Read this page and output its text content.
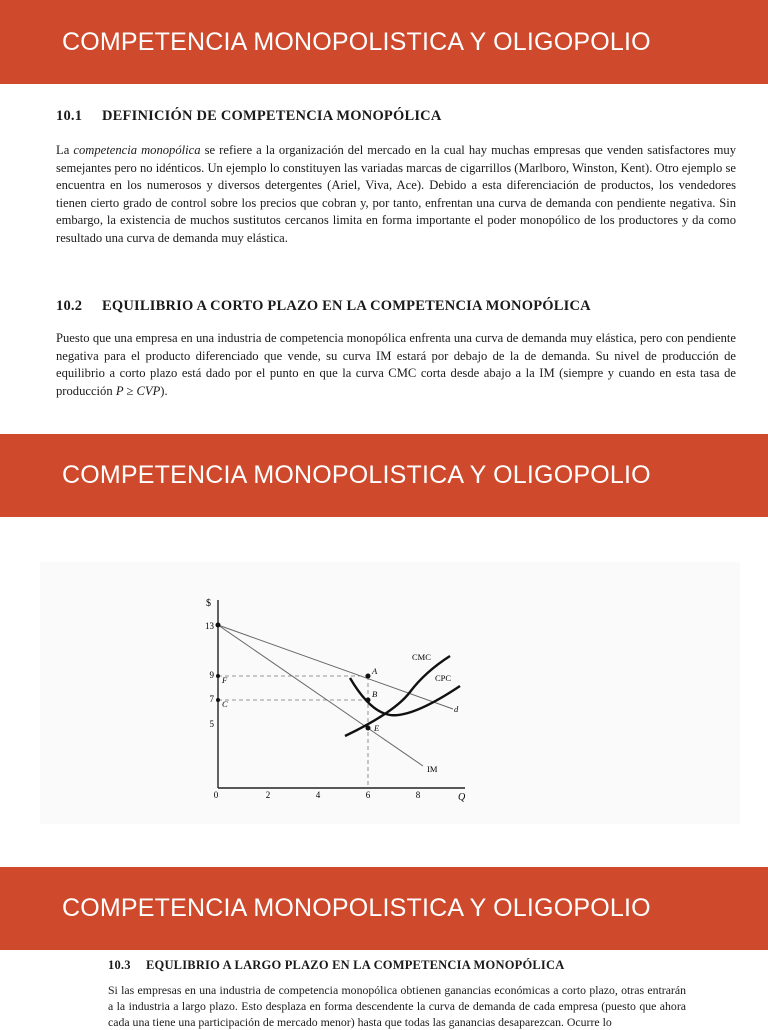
COMPETENCIA MONOPOLISTICA Y OLIGOPOLIO
10.1 DEFINICIÓN DE COMPETENCIA MONOPÓLICA
La competencia monopólica se refiere a la organización del mercado en la cual hay muchas empresas que venden satisfactores muy semejantes pero no idénticos. Un ejemplo lo constituyen las variadas marcas de cigarrillos (Marlboro, Winston, Kent). Otro ejemplo se encuentra en los numerosos y diversos detergentes (Ariel, Viva, Ace). Debido a esta diferenciación de productos, los vendedores tienen cierto grado de control sobre los precios que cobran y, por tanto, enfrentan una curva de demanda con pendiente negativa. Sin embargo, la existencia de muchos sustitutos cercanos limita en forma importante el poder monopólico de los productores y da como resultado una curva de demanda muy elástica.
10.2 EQUILIBRIO A CORTO PLAZO EN LA COMPETENCIA MONOPÓLICA
Puesto que una empresa en una industria de competencia monopólica enfrenta una curva de demanda muy elástica, pero con pendiente negativa para el producto diferenciado que vende, su curva IM estará por debajo de la de demanda. Su nivel de producción de equilibrio a corto plazo está dado por el punto en que la curva CMC corta desde abajo a la IM (siempre y cuando en esta tasa de producción P ≥ CVP).
COMPETENCIA MONOPOLISTICA Y OLIGOPOLIO
$
Q
13
9
7
5
0	2	4	6	8
CMC
CPC
d
IM
A
B
E
F
C
COMPETENCIA MONOPOLISTICA Y OLIGOPOLIO
10.3 EQULIBRIO A LARGO PLAZO EN LA COMPETENCIA MONOPÓLICA
Si las empresas en una industria de competencia monopólica obtienen ganancias económicas a corto plazo, otras entrarán a la industria a largo plazo. Esto desplaza en forma descendente la curva de demanda de cada empresa (puesto que ahora cada una tiene una participación de mercado menor) hasta que todas las ganancias desaparezcan. Ocurre lo
